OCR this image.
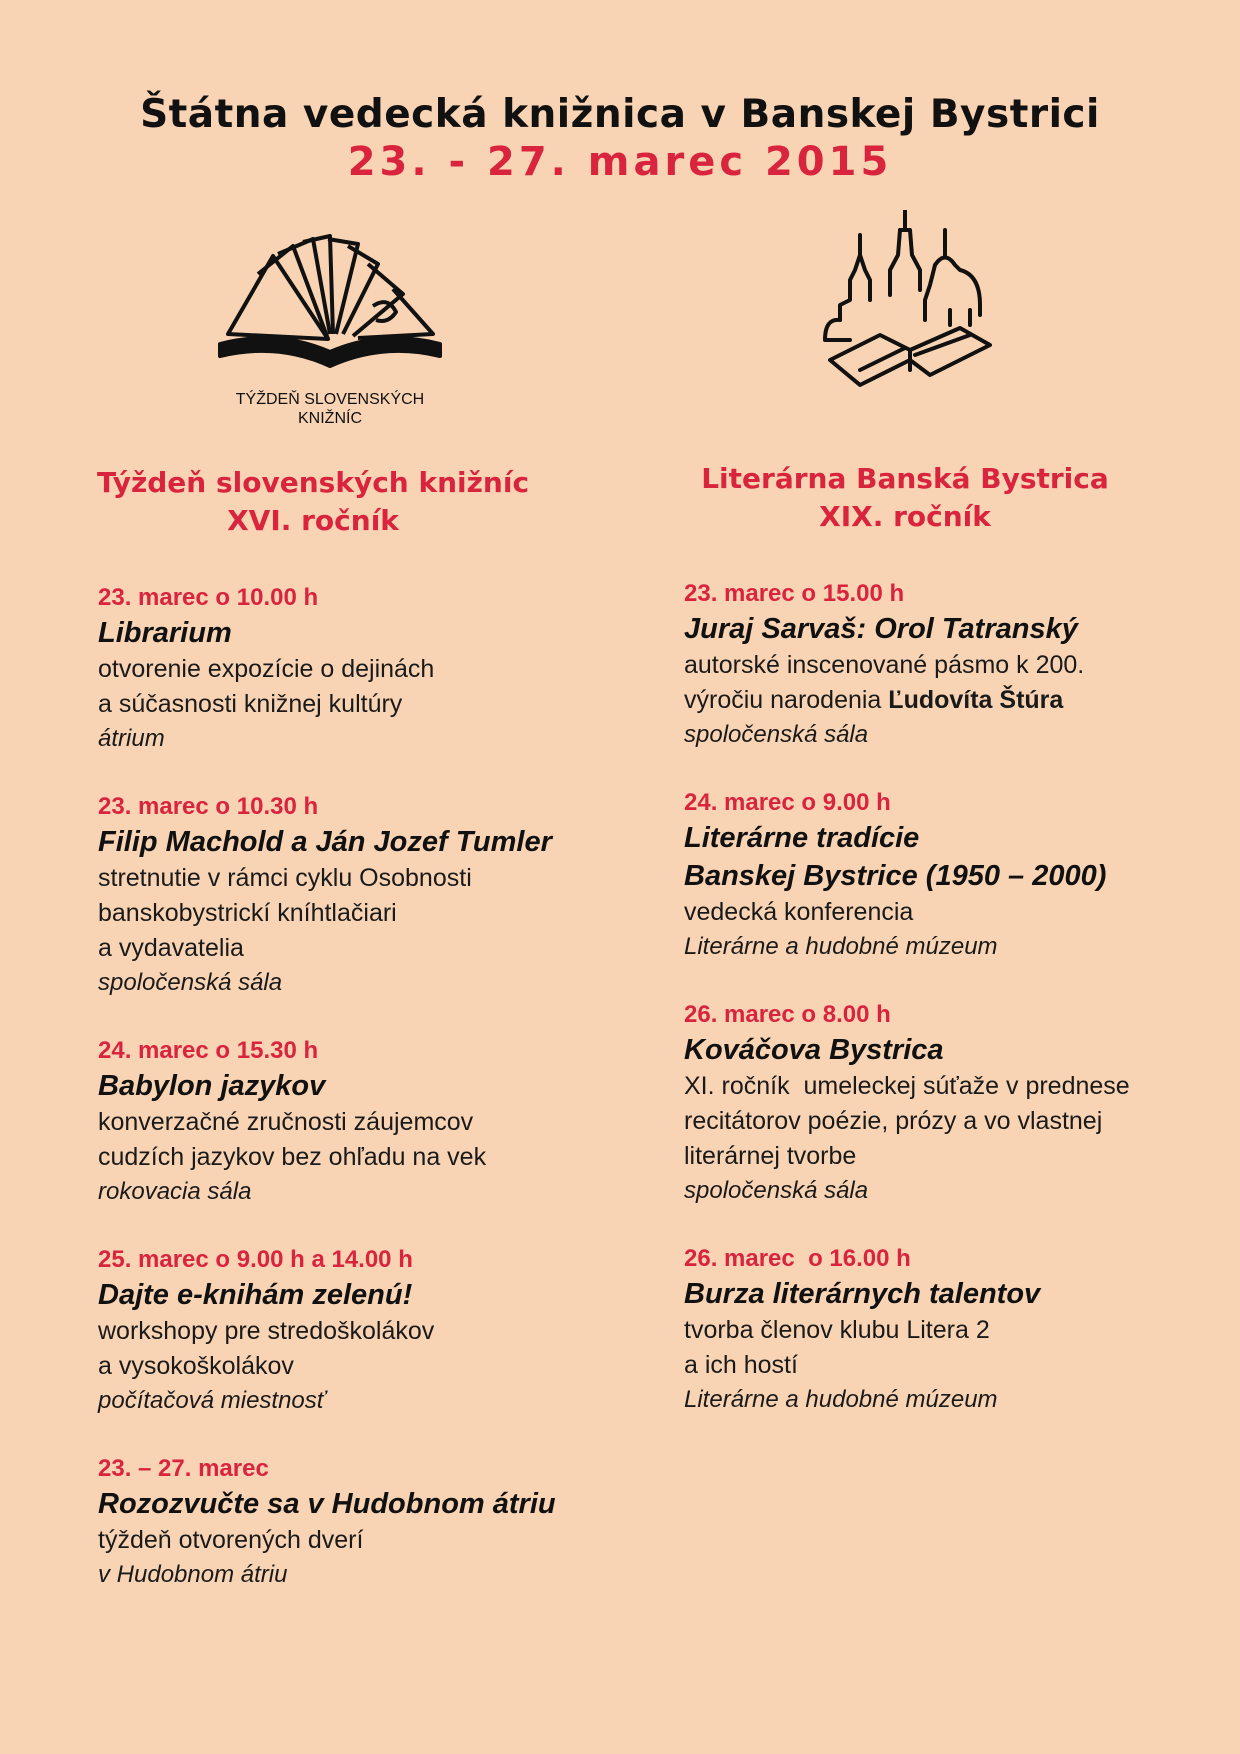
Štátna vedecká knižnica v Banskej Bystrici
23. - 27. marec 2015
TÝŽDEŇ SLOVENSKÝCH
KNIŽNÍC
Týždeň slovenských knižníc
XVI. ročník
23. marec o 10.00 h
Librarium
otvorenie expozície o dejinách
a súčasnosti knižnej kultúry
átrium
23. marec o 10.30 h
Filip Machold a Ján Jozef Tumler
stretnutie v rámci cyklu Osobnosti
banskobystrickí kníhtlačiari
a vydavatelia
spoločenská sála
24. marec o 15.30 h
Babylon jazykov
konverzačné zručnosti záujemcov
cudzích jazykov bez ohľadu na vek
rokovacia sála
25. marec o 9.00 h a 14.00 h
Dajte e-knihám zelenú!
workshopy pre stredoškolákov
a vysokoškolákov
počítačová miestnosť
23. – 27. marec
Rozozvučte sa v Hudobnom átriu
týždeň otvorených dverí
v Hudobnom átriu
Literárna Banská Bystrica
XIX. ročník
23. marec o 15.00 h
Juraj Sarvaš: Orol Tatranský
autorské inscenované pásmo k 200.
výročiu narodenia Ľudovíta Štúra
spoločenská sála
24. marec o 9.00 h
Literárne tradície
Banskej Bystrice (1950 – 2000)
vedecká konferencia
Literárne a hudobné múzeum
26. marec o 8.00 h
Kováčova Bystrica
XI. ročník  umeleckej súťaže v prednese
recitátorov poézie, prózy a vo vlastnej
literárnej tvorbe
spoločenská sála
26. marec  o 16.00 h
Burza literárnych talentov
tvorba členov klubu Litera 2
a ich hostí
Literárne a hudobné múzeum
